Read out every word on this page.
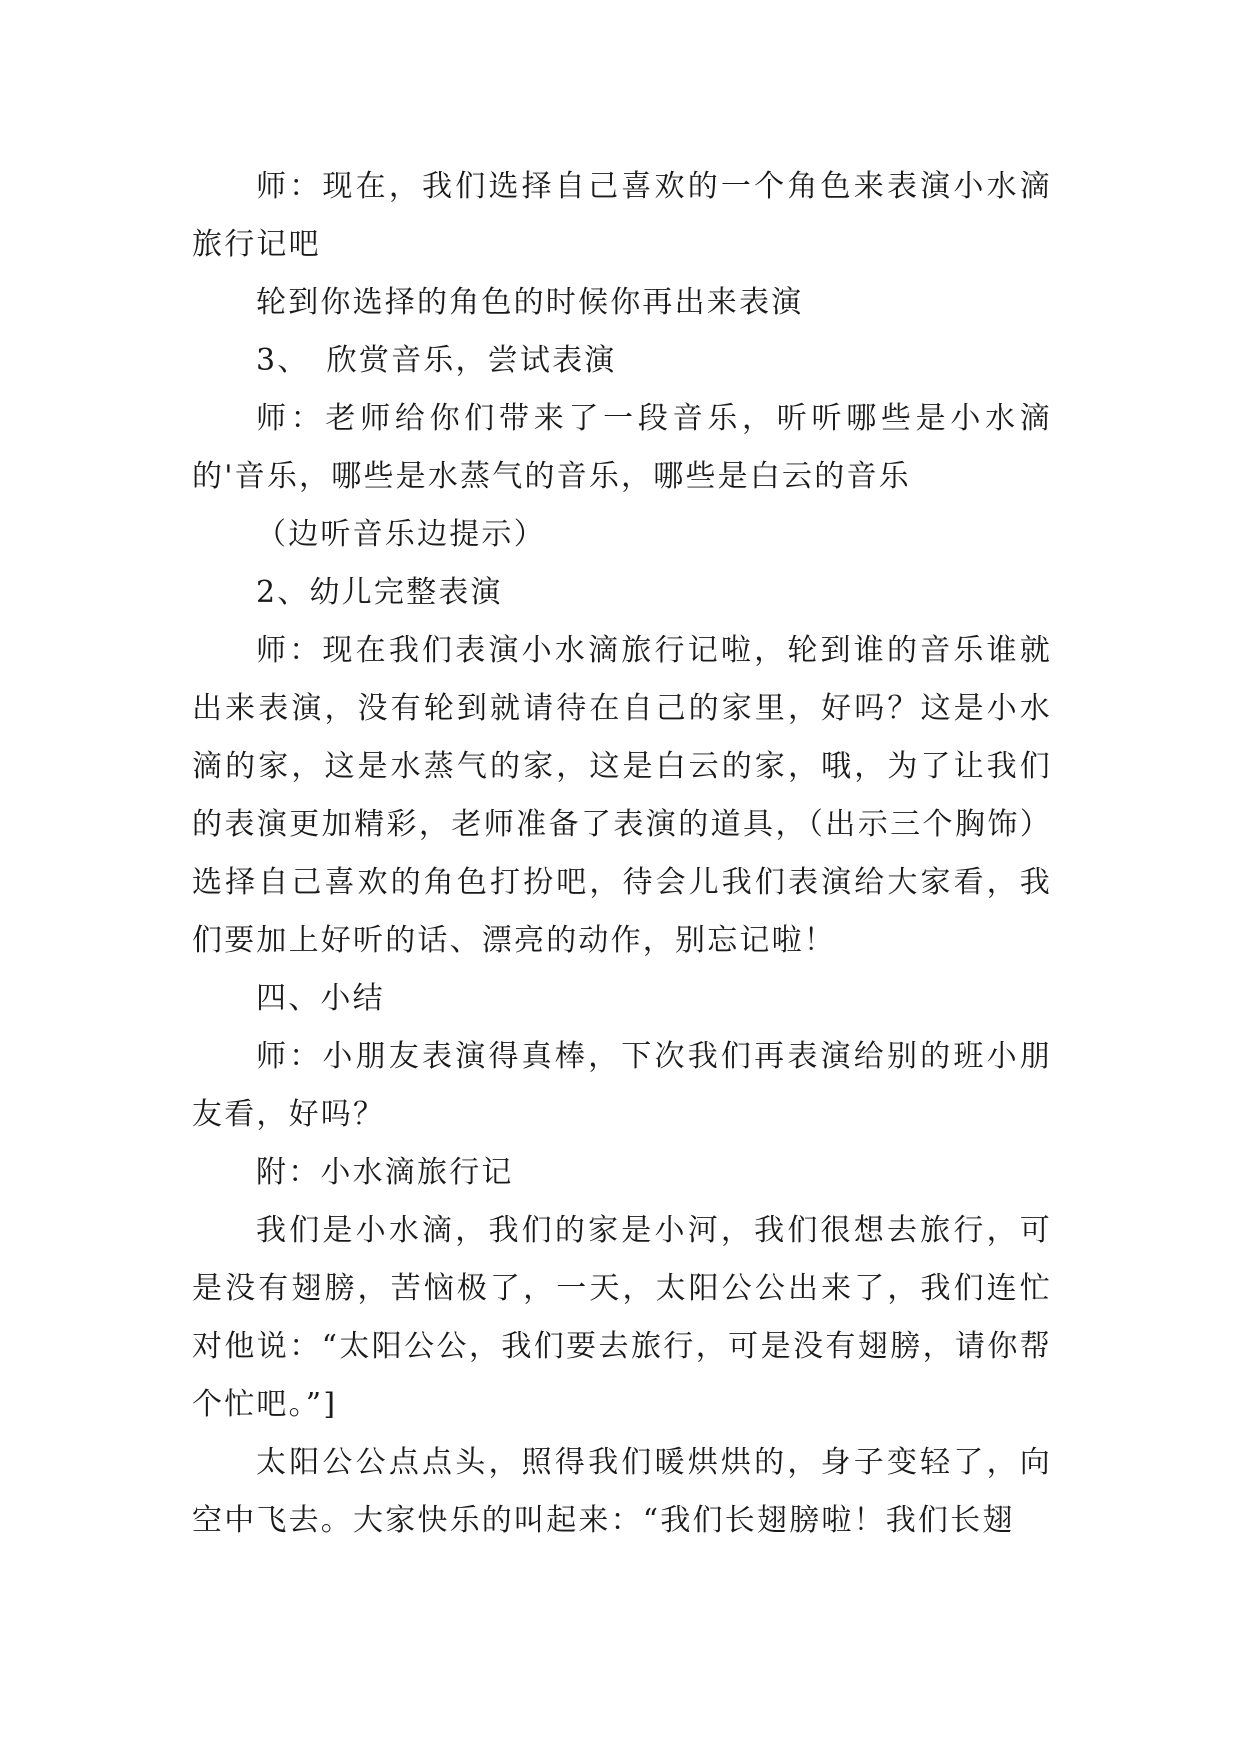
师：现在，我们选择自己喜欢的一个角色来表演小水滴旅行记吧

轮到你选择的角色的时候你再出来表演

3、　欣赏音乐，尝试表演

师：老师给你们带来了一段音乐，听听哪些是小水滴的'音乐，哪些是水蒸气的音乐，哪些是白云的音乐

（边听音乐边提示）

2、幼儿完整表演

师：现在我们表演小水滴旅行记啦，轮到谁的音乐谁就出来表演，没有轮到就请待在自己的家里，好吗？这是小水滴的家，这是水蒸气的家，这是白云的家，哦，为了让我们的表演更加精彩，老师准备了表演的道具，（出示三个胸饰）选择自己喜欢的角色打扮吧，待会儿我们表演给大家看，我们要加上好听的话、漂亮的动作，别忘记啦！

四、小结

师：小朋友表演得真棒，下次我们再表演给别的班小朋友看，好吗？

附：小水滴旅行记

我们是小水滴，我们的家是小河，我们很想去旅行，可是没有翅膀，苦恼极了，一天，太阳公公出来了，我们连忙对他说：“太阳公公，我们要去旅行，可是没有翅膀，请你帮个忙吧。”]

太阳公公点点头，照得我们暖烘烘的，身子变轻了，向空中飞去。大家快乐的叫起来：“我们长翅膀啦！我们长翅
